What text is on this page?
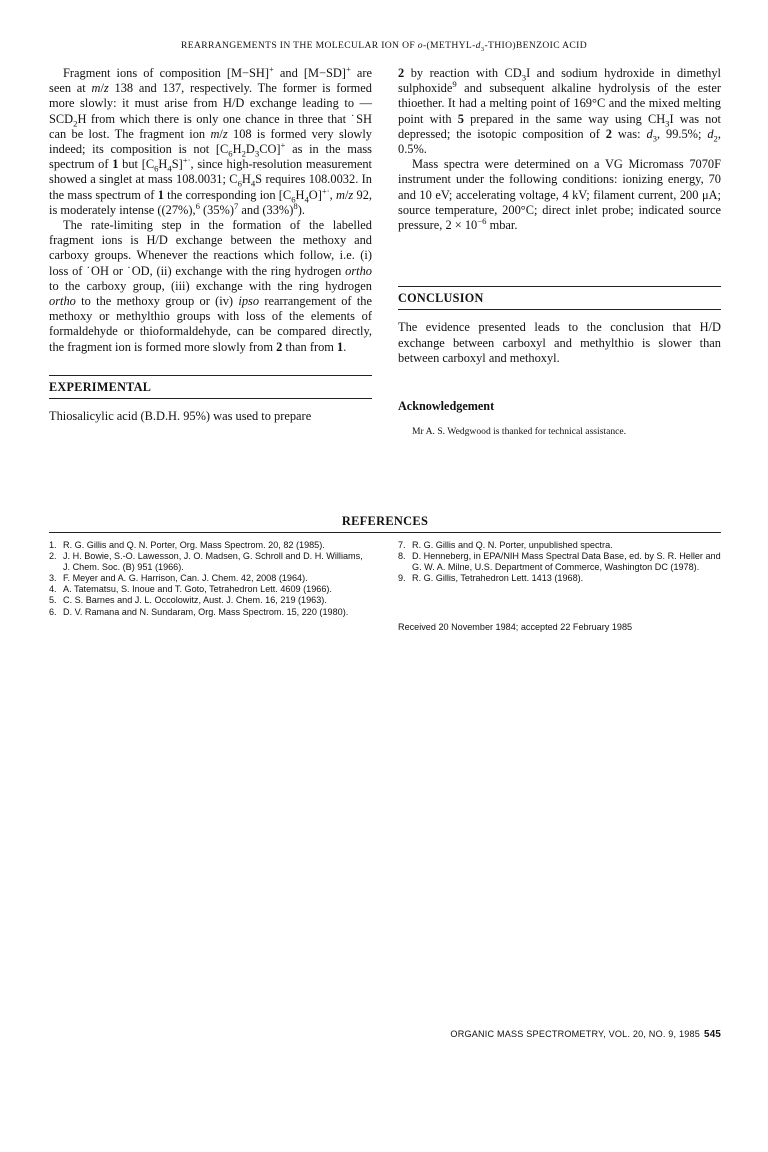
REARRANGEMENTS IN THE MOLECULAR ION OF $o-(METHYL-d_3-THIO)BENZOIC$ ACID

Fragment ions of composition [M−SH]+ and [M−SD]+ are seen at m/z 138 and 137, respectively. The former is formed more slowly: it must arise from H/D exchange leading to $—SCD_2H$ from which there is only one chance in three that ˙SH can be lost. The fragment ion m/z 108 is formed very slowly indeed; its composition is not $[C_6H_2D_3CO]^+$ as in the mass spectrum of 1 but $[C_6H_4S]^{+\cdot}$, since high-resolution measurement showed a singlet at mass 108.0031; $C_6H_4S$ requires 108.0032. In the mass spectrum of 1 the corresponding ion $[C_6H_4O]^{+\cdot}$, m/z 92, is moderately intense ((27%),$^6$ $(35\%)^7$ and $(33\%)^8$).

The rate-limiting step in the formation of the labelled fragment ions is H/D exchange between the methoxy and carboxy groups. Whenever the reactions which follow, i.e. (i) loss of ˙OH or ˙OD, (ii) exchange with the ring hydrogen ortho to the carboxy group, (iii) exchange with the ring hydrogen ortho to the methoxy group or (iv) ipso rearrangement of the methoxy or methylthio groups with loss of the elements of formaldehyde or thioformaldehyde, can be compared directly, the fragment ion is formed more slowly from 2 than from 1.

EXPERIMENTAL

Thiosalicylic acid (B.D.H. 95%) was used to prepare

2 by reaction with $CD_3I$ and sodium hydroxide in dimethyl sulphoxide$^9$ and subsequent alkaline hydrolysis of the ester thioether. It had a melting point of 169°C and the mixed melting point with 5 prepared in the same way using $CH_3I$ was not depressed; the isotopic composition of 2 was: $d_3$, 99.5%; $d_2$, 0.5%.

Mass spectra were determined on a VG Micromass 7070F instrument under the following conditions: ionizing energy, 70 and 10 eV; accelerating voltage, 4 kV; filament current, 200 μA; source temperature, 200°C; direct inlet probe; indicated source pressure, $2 \times 10^{-6}$ mbar.

CONCLUSION

The evidence presented leads to the conclusion that H/D exchange between carboxyl and methylthio is slower than between carboxyl and methoxyl.

Acknowledgement

Mr A. S. Wedgwood is thanked for technical assistance.

REFERENCES
1. R. G. Gillis and Q. N. Porter, Org. Mass Spectrom. 20, 82 (1985).
2. J. H. Bowie, S.-O. Lawesson, J. O. Madsen, G. Schroll and D. H. Williams, J. Chem. Soc. (B) 951 (1966).
3. F. Meyer and A. G. Harrison, Can. J. Chem. 42, 2008 (1964).
4. A. Tatematsu, S. Inoue and T. Goto, Tetrahedron Lett. 4609 (1966).
5. C. S. Barnes and J. L. Occolowitz, Aust. J. Chem. 16, 219 (1963).
6. D. V. Ramana and N. Sundaram, Org. Mass Spectrom. 15, 220 (1980).
7. R. G. Gillis and Q. N. Porter, unpublished spectra.
8. D. Henneberg, in EPA/NIH Mass Spectral Data Base, ed. by S. R. Heller and G. W. A. Milne, U.S. Department of Commerce, Washington DC (1978).
9. R. G. Gillis, Tetrahedron Lett. 1413 (1968).
Received 20 November 1984; accepted 22 February 1985
ORGANIC MASS SPECTROMETRY, VOL. 20, NO. 9, 1985 545
